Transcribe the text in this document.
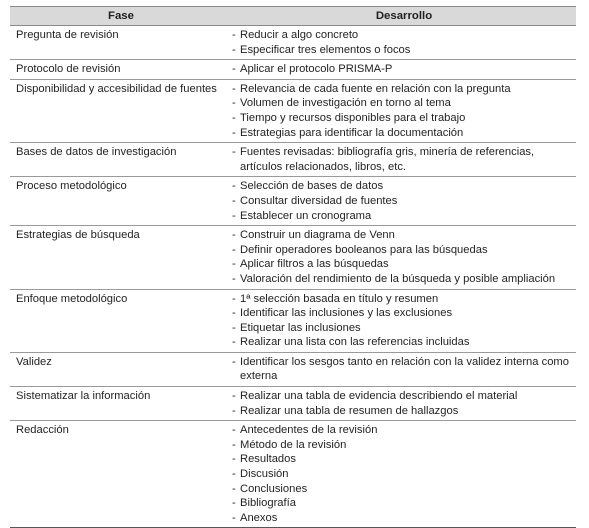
Fase	Desarrollo
Pregunta de revisión	- Reducir a algo concreto
- Especificar tres elementos o focos
Protocolo de revisión	- Aplicar el protocolo PRISMA-P
Disponibilidad y accesibilidad de fuentes	- Relevancia de cada fuente en relación con la pregunta
- Volumen de investigación en torno al tema
- Tiempo y recursos disponibles para el trabajo
- Estrategias para identificar la documentación
Bases de datos de investigación	- Fuentes revisadas: bibliografía gris, minería de referencias, artículos relacionados, libros, etc.
Proceso metodológico	- Selección de bases de datos
- Consultar diversidad de fuentes
- Establecer un cronograma
Estrategias de búsqueda	- Construir un diagrama de Venn
- Definir operadores booleanos para las búsquedas
- Aplicar filtros a las búsquedas
- Valoración del rendimiento de la búsqueda y posible ampliación
Enfoque metodológico	- 1ª selección basada en título y resumen
- Identificar las inclusiones y las exclusiones
- Etiquetar las inclusiones
- Realizar una lista con las referencias incluidas
Validez	- Identificar los sesgos tanto en relación con la validez interna como externa
Sistematizar la información	- Realizar una tabla de evidencia describiendo el material
- Realizar una tabla de resumen de hallazgos
Redacción	- Antecedentes de la revisión
- Método de la revisión
- Resultados
- Discusión
- Conclusiones
- Bibliografía
- Anexos
